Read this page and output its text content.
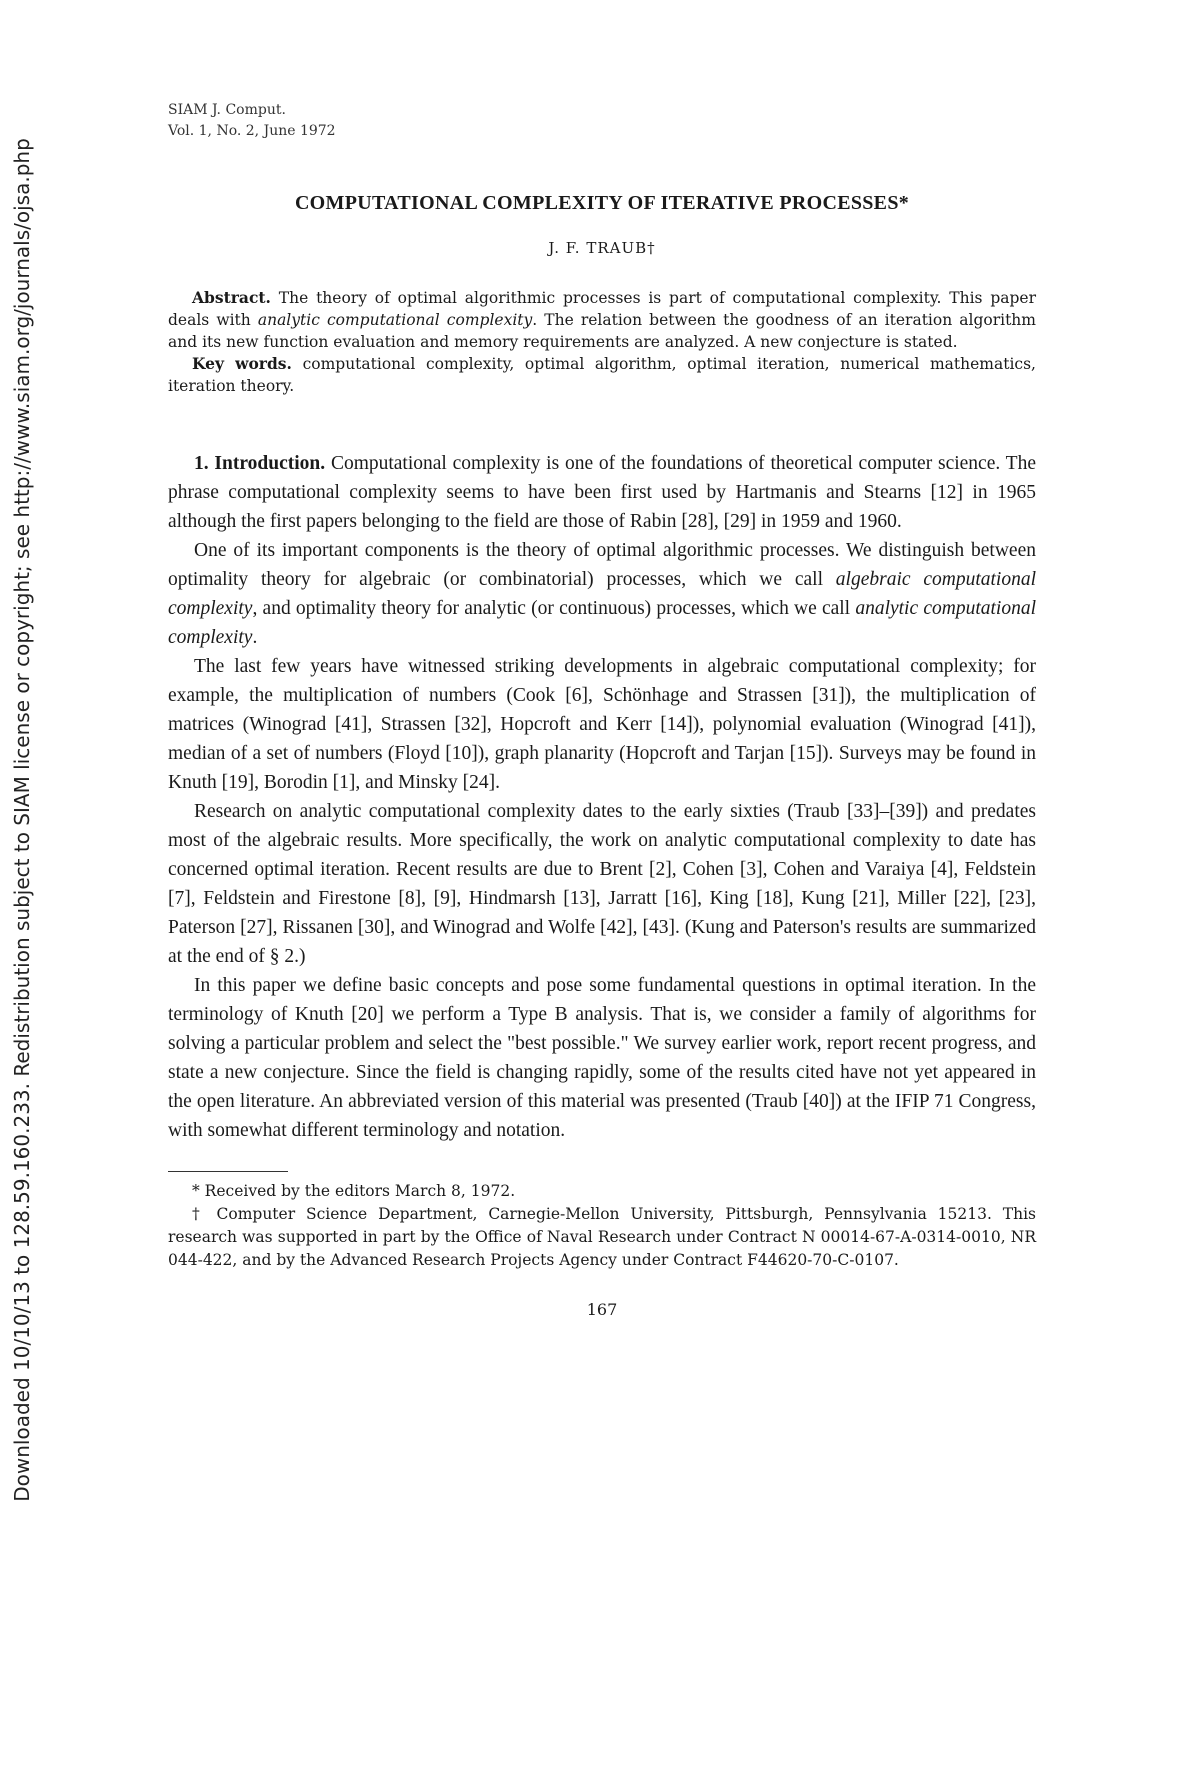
Downloaded 10/10/13 to 128.59.160.233. Redistribution subject to SIAM license or copyright; see http://www.siam.org/journals/ojsa.php
SIAM J. Comput.
Vol. 1, No. 2, June 1972
COMPUTATIONAL COMPLEXITY OF ITERATIVE PROCESSES*
J. F. TRAUB†

Abstract. The theory of optimal algorithmic processes is part of computational complexity. This paper deals with analytic computational complexity. The relation between the goodness of an iteration algorithm and its new function evaluation and memory requirements are analyzed. A new conjecture is stated.

Key words. computational complexity, optimal algorithm, optimal iteration, numerical mathematics, iteration theory.

1. Introduction. Computational complexity is one of the foundations of theoretical computer science. The phrase computational complexity seems to have been first used by Hartmanis and Stearns [12] in 1965 although the first papers belonging to the field are those of Rabin [28], [29] in 1959 and 1960.

One of its important components is the theory of optimal algorithmic processes. We distinguish between optimality theory for algebraic (or combinatorial) processes, which we call algebraic computational complexity, and optimality theory for analytic (or continuous) processes, which we call analytic computational complexity.

The last few years have witnessed striking developments in algebraic computational complexity; for example, the multiplication of numbers (Cook [6], Schönhage and Strassen [31]), the multiplication of matrices (Winograd [41], Strassen [32], Hopcroft and Kerr [14]), polynomial evaluation (Winograd [41]), median of a set of numbers (Floyd [10]), graph planarity (Hopcroft and Tarjan [15]). Surveys may be found in Knuth [19], Borodin [1], and Minsky [24].

Research on analytic computational complexity dates to the early sixties (Traub [33]–[39]) and predates most of the algebraic results. More specifically, the work on analytic computational complexity to date has concerned optimal iteration. Recent results are due to Brent [2], Cohen [3], Cohen and Varaiya [4], Feldstein [7], Feldstein and Firestone [8], [9], Hindmarsh [13], Jarratt [16], King [18], Kung [21], Miller [22], [23], Paterson [27], Rissanen [30], and Winograd and Wolfe [42], [43]. (Kung and Paterson's results are summarized at the end of § 2.)

In this paper we define basic concepts and pose some fundamental questions in optimal iteration. In the terminology of Knuth [20] we perform a Type B analysis. That is, we consider a family of algorithms for solving a particular problem and select the "best possible." We survey earlier work, report recent progress, and state a new conjecture. Since the field is changing rapidly, some of the results cited have not yet appeared in the open literature. An abbreviated version of this material was presented (Traub [40]) at the IFIP 71 Congress, with somewhat different terminology and notation.

* Received by the editors March 8, 1972.

† Computer Science Department, Carnegie-Mellon University, Pittsburgh, Pennsylvania 15213. This research was supported in part by the Office of Naval Research under Contract N 00014-67-A-0314-0010, NR 044-422, and by the Advanced Research Projects Agency under Contract F44620-70-C-0107.

167
